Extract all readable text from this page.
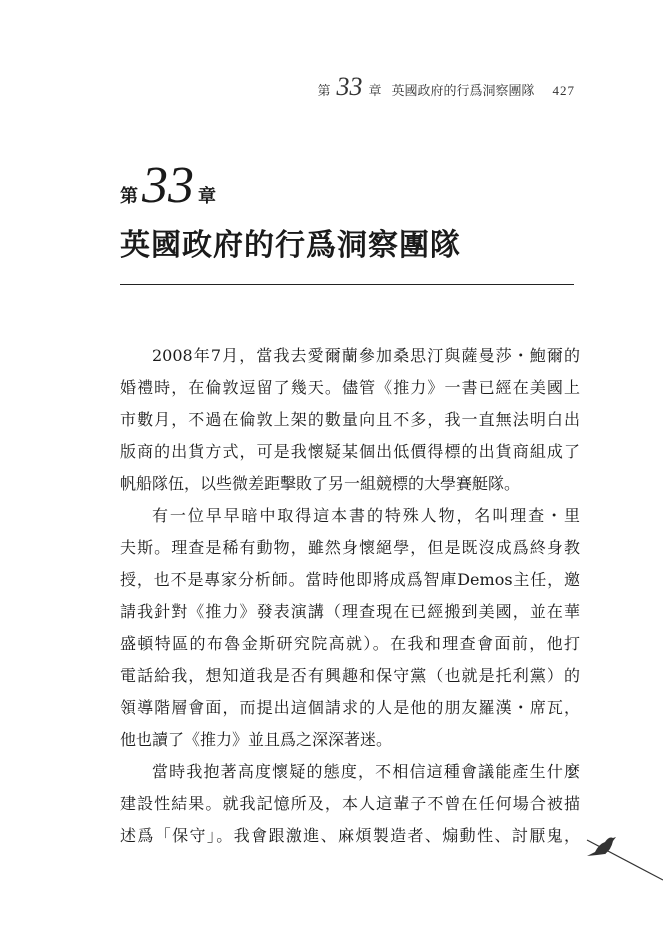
第 33 章 英國政府的行爲洞察團隊 427
第 33 章
英國政府的行爲洞察團隊
2008年7月，當我去愛爾蘭參加桑思汀與薩曼莎・鮑爾的
婚禮時，在倫敦逗留了幾天。儘管《推力》一書已經在美國上
市數月，不過在倫敦上架的數量向且不多，我一直無法明白出
版商的出貨方式，可是我懷疑某個出低價得標的出貨商組成了
帆船隊伍，以些微差距擊敗了另一組競標的大學賽艇隊。
有一位早早暗中取得這本書的特殊人物，名叫理查・里
夫斯。理查是稀有動物，雖然身懷絕學，但是既沒成爲終身教
授，也不是專家分析師。當時他即將成爲智庫Demos主任，邀
請我針對《推力》發表演講（理查現在已經搬到美國，並在華
盛頓特區的布魯金斯研究院高就）。在我和理查會面前，他打
電話給我，想知道我是否有興趣和保守黨（也就是托利黨）的
領導階層會面，而提出這個請求的人是他的朋友羅漢・席瓦，
他也讀了《推力》並且爲之深深著迷。
當時我抱著高度懷疑的態度，不相信這種會議能產生什麼
建設性結果。就我記憶所及，本人這輩子不曾在任何場合被描
述爲「保守」。我會跟激進、麻煩製造者、煽動性、討厭鬼，
